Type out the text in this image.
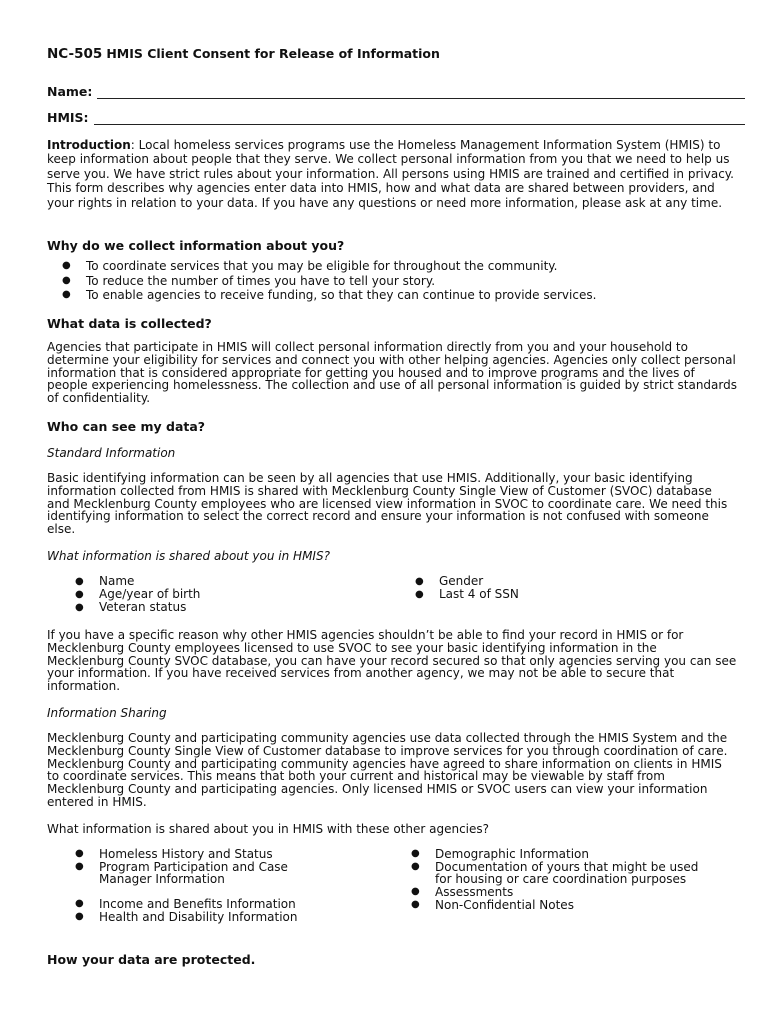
NC-505 HMIS Client Consent for Release of Information
Name:
HMIS:

Introduction: Local homeless services programs use the Homeless Management Information System (HMIS) to keep information about people that they serve. We collect personal information from you that we need to help us serve you. We have strict rules about your information. All persons using HMIS are trained and certified in privacy. This form describes why agencies enter data into HMIS, how and what data are shared between providers, and your rights in relation to your data. If you have any questions or need more information, please ask at any time.

Why do we collect information about you?
● To coordinate services that you may be eligible for throughout the community.
● To reduce the number of times you have to tell your story.
● To enable agencies to receive funding, so that they can continue to provide services.
What data is collected?

Agencies that participate in HMIS will collect personal information directly from you and your household to determine your eligibility for services and connect you with other helping agencies. Agencies only collect personal information that is considered appropriate for getting you housed and to improve programs and the lives of people experiencing homelessness. The collection and use of all personal information is guided by strict standards of confidentiality.

Who can see my data?
Standard Information

Basic identifying information can be seen by all agencies that use HMIS. Additionally, your basic identifying information collected from HMIS is shared with Mecklenburg County Single View of Customer (SVOC) database and Mecklenburg County employees who are licensed view information in SVOC to coordinate care. We need this identifying information to select the correct record and ensure your information is not confused with someone else.

What information is shared about you in HMIS?
● Name
● Age/year of birth
● Veteran status
● Gender
● Last 4 of SSN

If you have a specific reason why other HMIS agencies shouldn’t be able to find your record in HMIS or for Mecklenburg County employees licensed to use SVOC to see your basic identifying information in the Mecklenburg County SVOC database, you can have your record secured so that only agencies serving you can see your information. If you have received services from another agency, we may not be able to secure that information.

Information Sharing

Mecklenburg County and participating community agencies use data collected through the HMIS System and the Mecklenburg County Single View of Customer database to improve services for you through coordination of care. Mecklenburg County and participating community agencies have agreed to share information on clients in HMIS to coordinate services. This means that both your current and historical may be viewable by staff from Mecklenburg County and participating agencies. Only licensed HMIS or SVOC users can view your information entered in HMIS.

What information is shared about you in HMIS with these other agencies?
● Homeless History and Status
● Program Participation and Case Manager Information
● Income and Benefits Information
● Health and Disability Information
● Demographic Information
● Documentation of yours that might be used for housing or care coordination purposes
● Assessments
● Non-Confidential Notes
How your data are protected.
